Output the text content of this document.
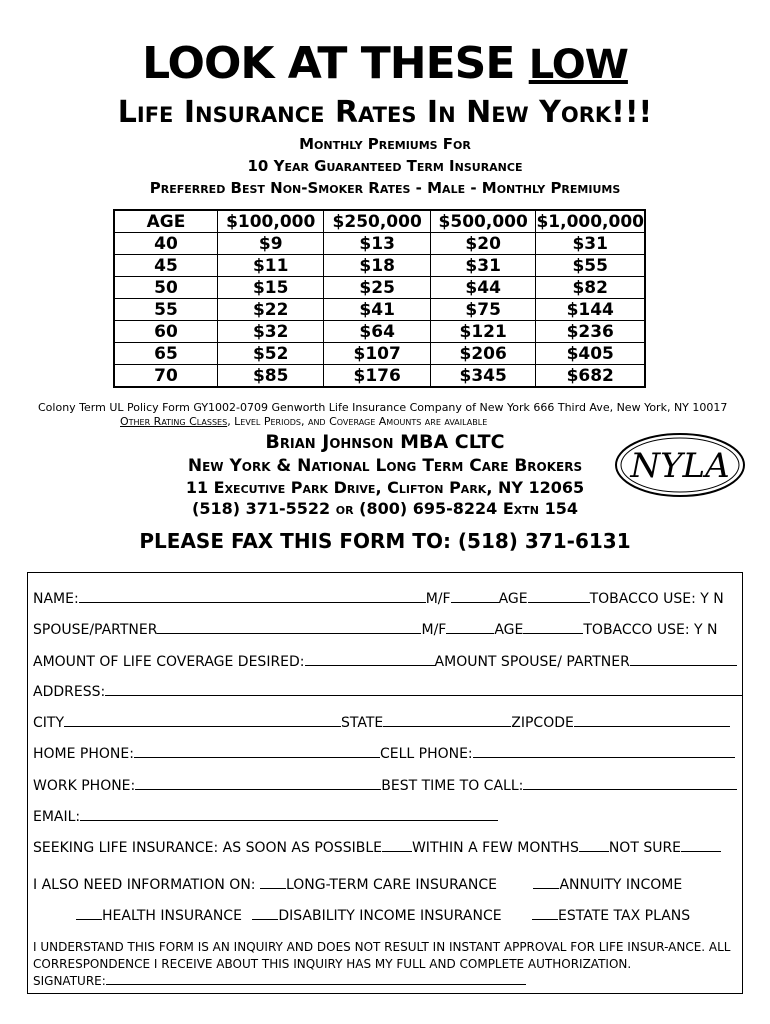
LOOK AT THESE LOW
Life Insurance Rates In New York!!!
Monthly Premiums For
10 Year Guaranteed Term Insurance
Preferred Best Non-Smoker Rates - Male - Monthly Premiums
AGE	$100,000	$250,000	$500,000	$1,000,000
40	$9	$13	$20	$31
45	$11	$18	$31	$55
50	$15	$25	$44	$82
55	$22	$41	$75	$144
60	$32	$64	$121	$236
65	$52	$107	$206	$405
70	$85	$176	$345	$682
Colony Term UL Policy Form GY1002-0709 Genworth Life Insurance Company of New York 666 Third Ave, New York, NY 10017
Other Rating Classes, Level Periods, and Coverage Amounts are available
Brian Johnson MBA CLTC
New York & National Long Term Care Brokers
11 Executive Park Drive, Clifton Park, NY 12065
(518) 371-5522 or (800) 695-8224 Extn 154
NYLA
PLEASE FAX THIS FORM TO: (518) 371-6131
NAME:	M/F	AGE	TOBACCO USE: Y N
SPOUSE/PARTNER	M/F	AGE	TOBACCO USE: Y N
AMOUNT OF LIFE COVERAGE DESIRED:	AMOUNT SPOUSE/ PARTNER
ADDRESS:
CITY	STATE	ZIPCODE
HOME PHONE:	CELL PHONE:
WORK PHONE:	BEST TIME TO CALL:
EMAIL:
SEEKING LIFE INSURANCE: AS SOON AS POSSIBLE WITHIN A FEW MONTHS NOT SURE
I ALSO NEED INFORMATION ON: LONG-TERM CARE INSURANCE	ANNUITY INCOME
HEALTH INSURANCE	DISABILITY INCOME INSURANCE	ESTATE TAX PLANS
I UNDERSTAND THIS FORM IS AN INQUIRY AND DOES NOT RESULT IN INSTANT APPROVAL FOR LIFE INSUR-ANCE. ALL CORRESPONDENCE I RECEIVE ABOUT THIS INQUIRY HAS MY FULL AND COMPLETE AUTHORIZATION.
SIGNATURE:
